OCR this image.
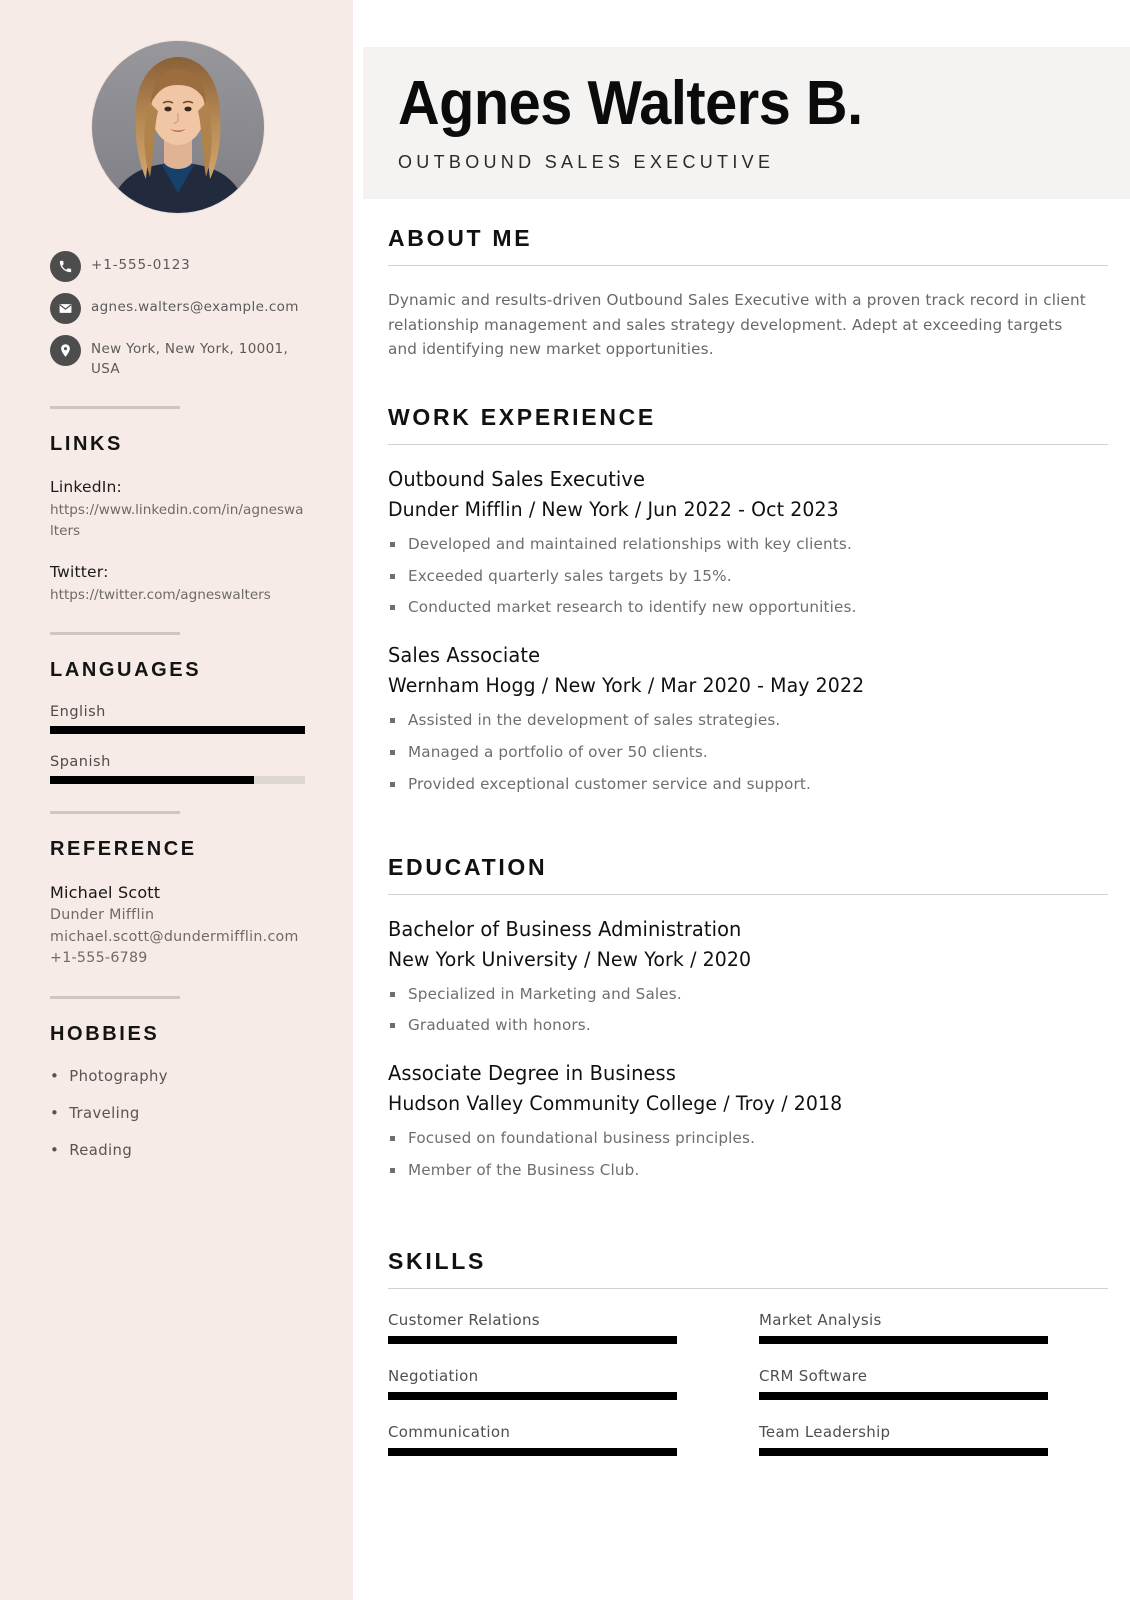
+1-555-0123
agnes.walters@example.com
New York, New York, 10001, USA
LINKS
LinkedIn:
https://www.linkedin.com/in/agneswalters
Twitter:
https://twitter.com/agneswalters
LANGUAGES
English
Spanish
REFERENCE
Michael Scott
Dunder Mifflin
michael.scott@dundermifflin.com
+1-555-6789
HOBBIES
• Photography
• Traveling
• Reading
Agnes Walters B.
OUTBOUND SALES EXECUTIVE
ABOUT ME

Dynamic and results-driven Outbound Sales Executive with a proven track record in client relationship management and sales strategy development. Adept at exceeding targets and identifying new market opportunities.

WORK EXPERIENCE
Outbound Sales Executive
Dunder Mifflin / New York / Jun 2022 - Oct 2023
Developed and maintained relationships with key clients.
Exceeded quarterly sales targets by 15%.
Conducted market research to identify new opportunities.
Sales Associate
Wernham Hogg / New York / Mar 2020 - May 2022
Assisted in the development of sales strategies.
Managed a portfolio of over 50 clients.
Provided exceptional customer service and support.
EDUCATION
Bachelor of Business Administration
New York University / New York / 2020
Specialized in Marketing and Sales.
Graduated with honors.
Associate Degree in Business
Hudson Valley Community College / Troy / 2018
Focused on foundational business principles.
Member of the Business Club.
SKILLS
Customer Relations	Market Analysis
Negotiation	CRM Software
Communication	Team Leadership
